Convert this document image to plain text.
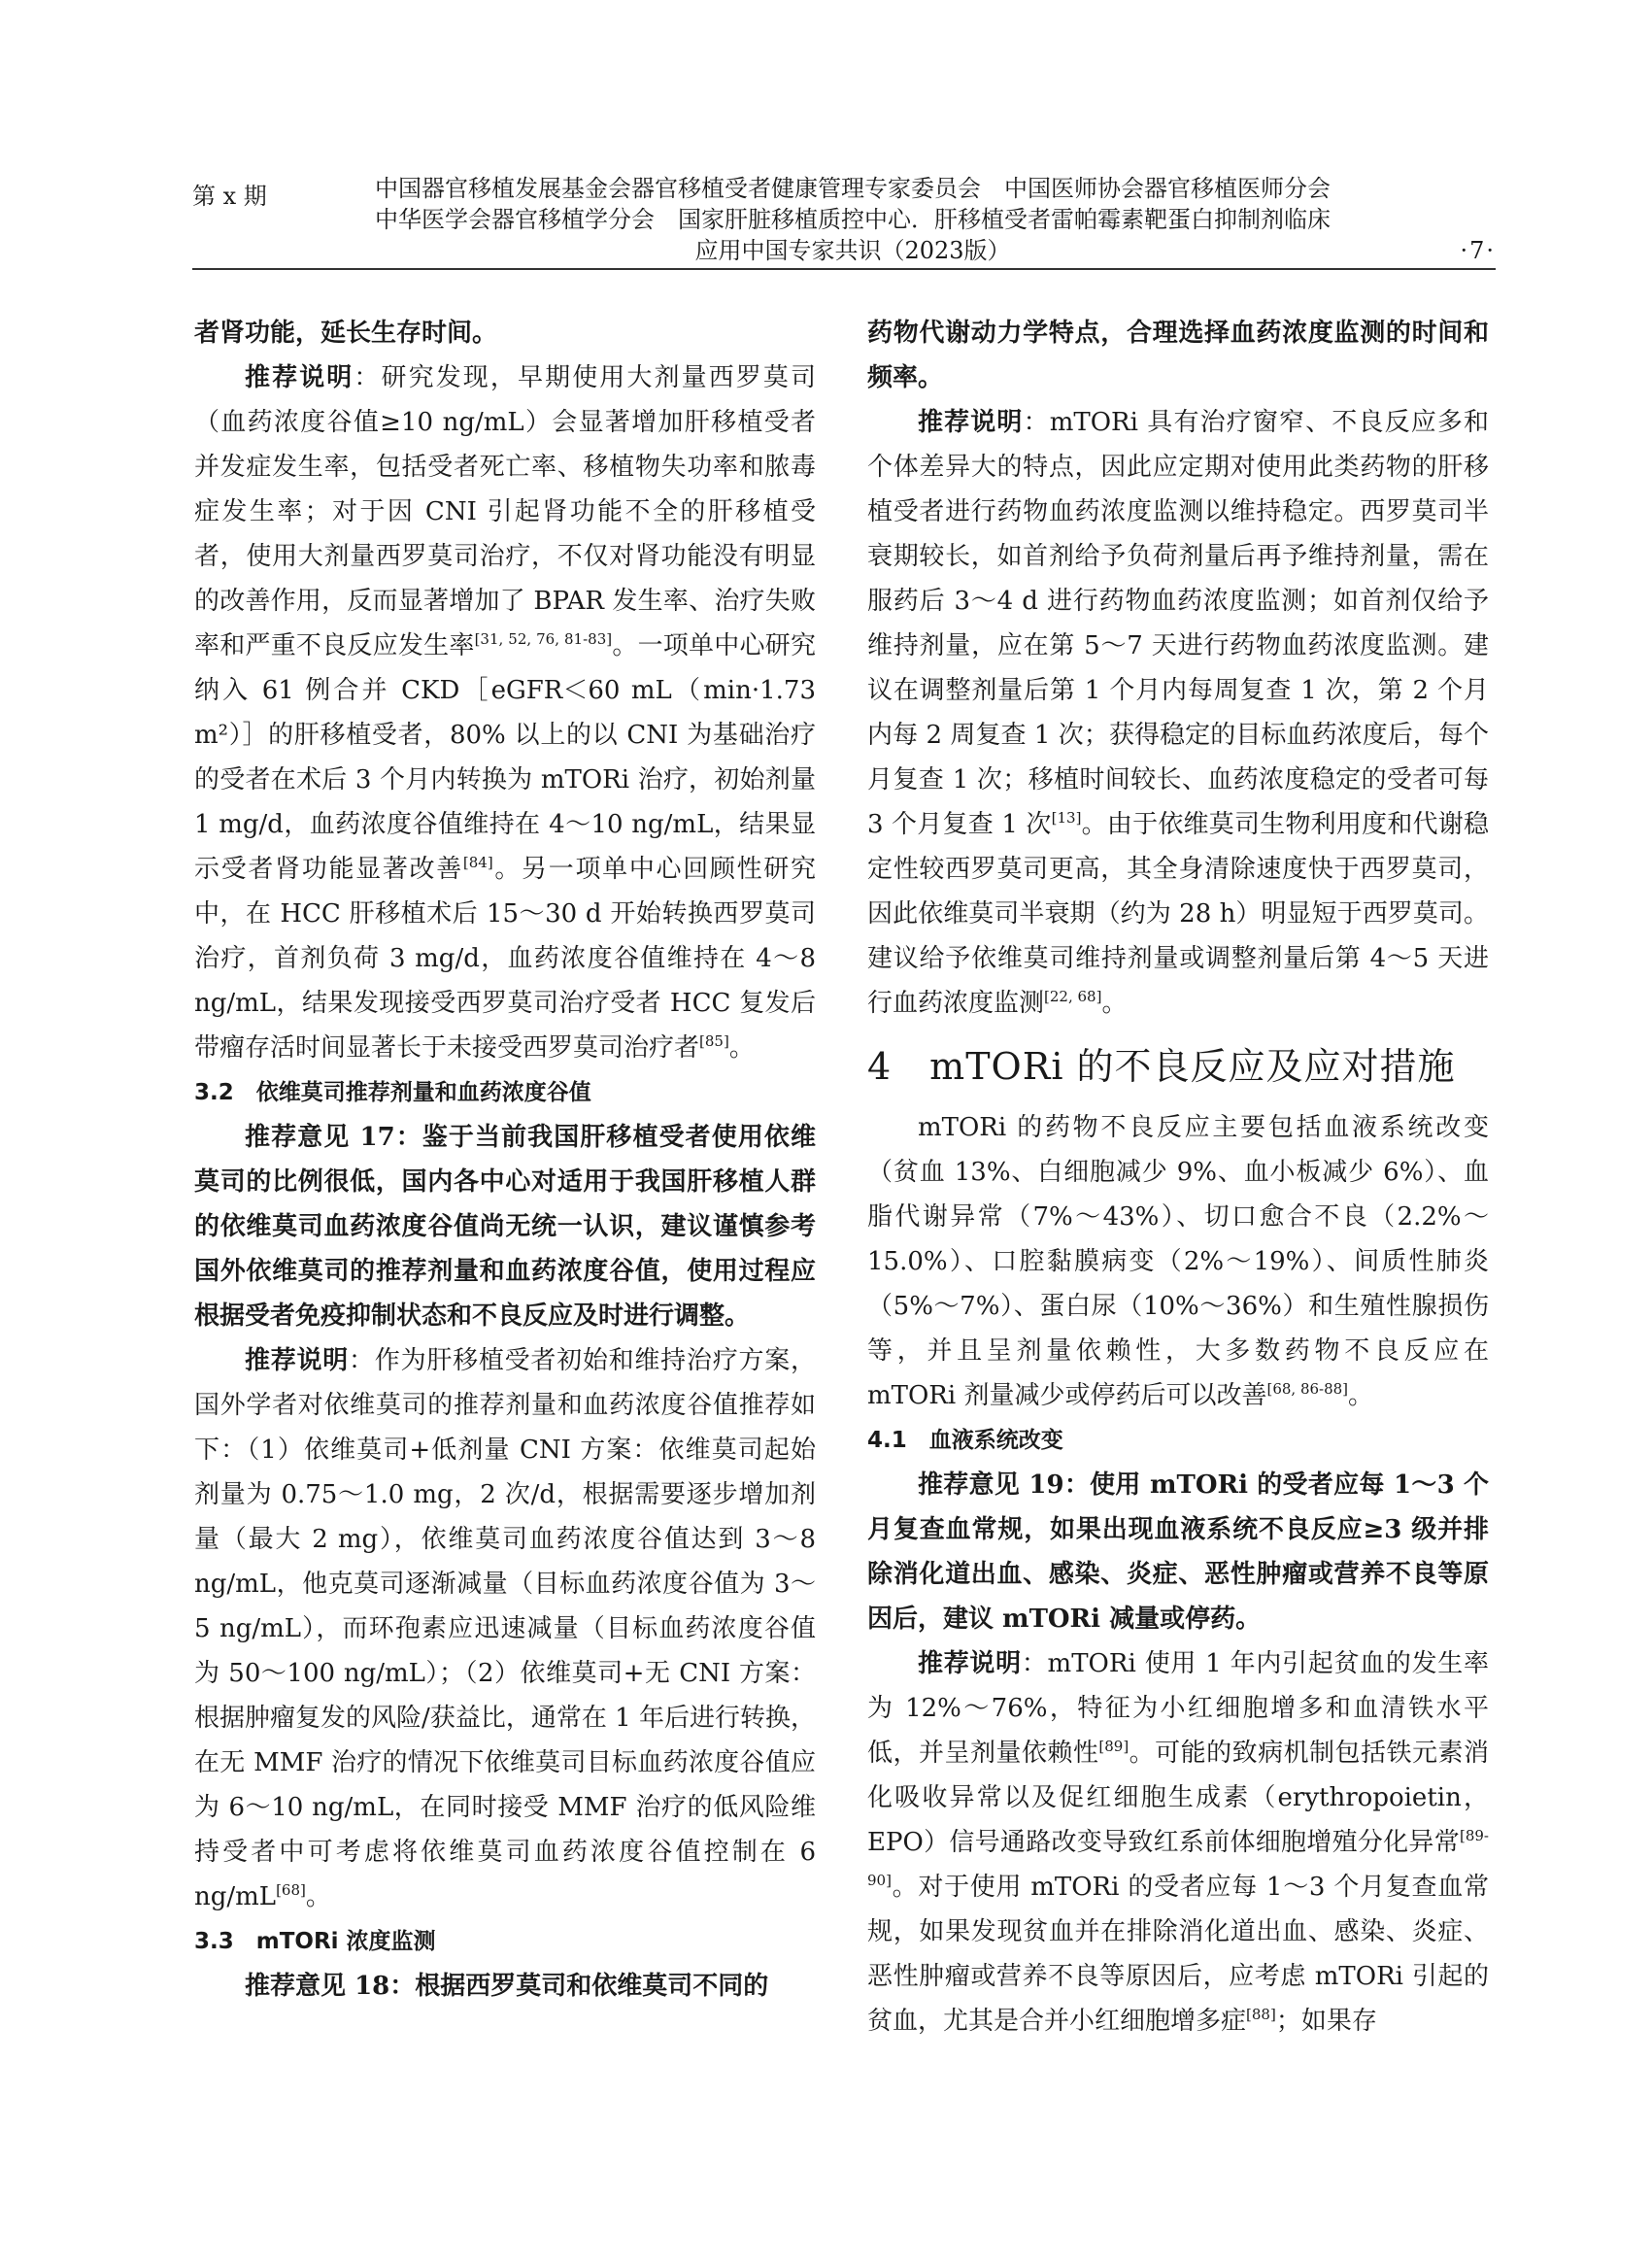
第 x 期	中国器官移植发展基金会器官移植受者健康管理专家委员会　中国医师协会器官移植医师分会
中华医学会器官移植学分会　国家肝脏移植质控中心．肝移植受者雷帕霉素靶蛋白抑制剂临床
应用中国专家共识（2023版）	·7·

者肾功能，延长生存时间。

推荐说明：研究发现，早期使用大剂量西罗莫司（血药浓度谷值≥10 ng/mL）会显著增加肝移植受者并发症发生率，包括受者死亡率、移植物失功率和脓毒症发生率；对于因 CNI 引起肾功能不全的肝移植受者，使用大剂量西罗莫司治疗，不仅对肾功能没有明显的改善作用，反而显著增加了 BPAR 发生率、治疗失败率和严重不良反应发生率[31, 52, 76, 81-83]。一项单中心研究纳入 61 例合并 CKD［eGFR＜60 mL（min·1.73 m²）］的肝移植受者，80% 以上的以 CNI 为基础治疗的受者在术后 3 个月内转换为 mTORi 治疗，初始剂量 1 mg/d，血药浓度谷值维持在 4～10 ng/mL，结果显示受者肾功能显著改善[84]。另一项单中心回顾性研究中，在 HCC 肝移植术后 15～30 d 开始转换西罗莫司治疗，首剂负荷 3 mg/d，血药浓度谷值维持在 4～8 ng/mL，结果发现接受西罗莫司治疗受者 HCC 复发后带瘤存活时间显著长于未接受西罗莫司治疗者[85]。

3.2　依维莫司推荐剂量和血药浓度谷值

推荐意见 17：鉴于当前我国肝移植受者使用依维莫司的比例很低，国内各中心对适用于我国肝移植人群的依维莫司血药浓度谷值尚无统一认识，建议谨慎参考国外依维莫司的推荐剂量和血药浓度谷值，使用过程应根据受者免疫抑制状态和不良反应及时进行调整。

推荐说明：作为肝移植受者初始和维持治疗方案，国外学者对依维莫司的推荐剂量和血药浓度谷值推荐如下：（1）依维莫司+低剂量 CNI 方案：依维莫司起始剂量为 0.75～1.0 mg，2 次/d，根据需要逐步增加剂量（最大 2 mg），依维莫司血药浓度谷值达到 3～8 ng/mL，他克莫司逐渐减量（目标血药浓度谷值为 3～5 ng/mL），而环孢素应迅速减量（目标血药浓度谷值为 50～100 ng/mL）；（2）依维莫司+无 CNI 方案：根据肿瘤复发的风险/获益比，通常在 1 年后进行转换，在无 MMF 治疗的情况下依维莫司目标血药浓度谷值应为 6～10 ng/mL，在同时接受 MMF 治疗的低风险维持受者中可考虑将依维莫司血药浓度谷值控制在 6 ng/mL[68]。

3.3　mTORi 浓度监测

推荐意见 18：根据西罗莫司和依维莫司不同的

药物代谢动力学特点，合理选择血药浓度监测的时间和频率。

推荐说明：mTORi 具有治疗窗窄、不良反应多和个体差异大的特点，因此应定期对使用此类药物的肝移植受者进行药物血药浓度监测以维持稳定。西罗莫司半衰期较长，如首剂给予负荷剂量后再予维持剂量，需在服药后 3～4 d 进行药物血药浓度监测；如首剂仅给予维持剂量，应在第 5～7 天进行药物血药浓度监测。建议在调整剂量后第 1 个月内每周复查 1 次，第 2 个月内每 2 周复查 1 次；获得稳定的目标血药浓度后，每个月复查 1 次；移植时间较长、血药浓度稳定的受者可每 3 个月复查 1 次[13]。由于依维莫司生物利用度和代谢稳定性较西罗莫司更高，其全身清除速度快于西罗莫司，因此依维莫司半衰期（约为 28 h）明显短于西罗莫司。建议给予依维莫司维持剂量或调整剂量后第 4～5 天进行血药浓度监测[22, 68]。

4　mTORi 的不良反应及应对措施

mTORi 的药物不良反应主要包括血液系统改变（贫血 13%、白细胞减少 9%、血小板减少 6%）、血脂代谢异常（7%～43%）、切口愈合不良（2.2%～15.0%）、口腔黏膜病变（2%～19%）、间质性肺炎（5%～7%）、蛋白尿（10%～36%）和生殖性腺损伤等，并且呈剂量依赖性，大多数药物不良反应在 mTORi 剂量减少或停药后可以改善[68, 86-88]。

4.1　血液系统改变

推荐意见 19：使用 mTORi 的受者应每 1～3 个月复查血常规，如果出现血液系统不良反应≥3 级并排除消化道出血、感染、炎症、恶性肿瘤或营养不良等原因后，建议 mTORi 减量或停药。

推荐说明：mTORi 使用 1 年内引起贫血的发生率为 12%～76%，特征为小红细胞增多和血清铁水平低，并呈剂量依赖性[89]。可能的致病机制包括铁元素消化吸收异常以及促红细胞生成素（erythropoietin，EPO）信号通路改变导致红系前体细胞增殖分化异常[89-90]。对于使用 mTORi 的受者应每 1～3 个月复查血常规，如果发现贫血并在排除消化道出血、感染、炎症、恶性肿瘤或营养不良等原因后，应考虑 mTORi 引起的贫血，尤其是合并小红细胞增多症[88]；如果存
